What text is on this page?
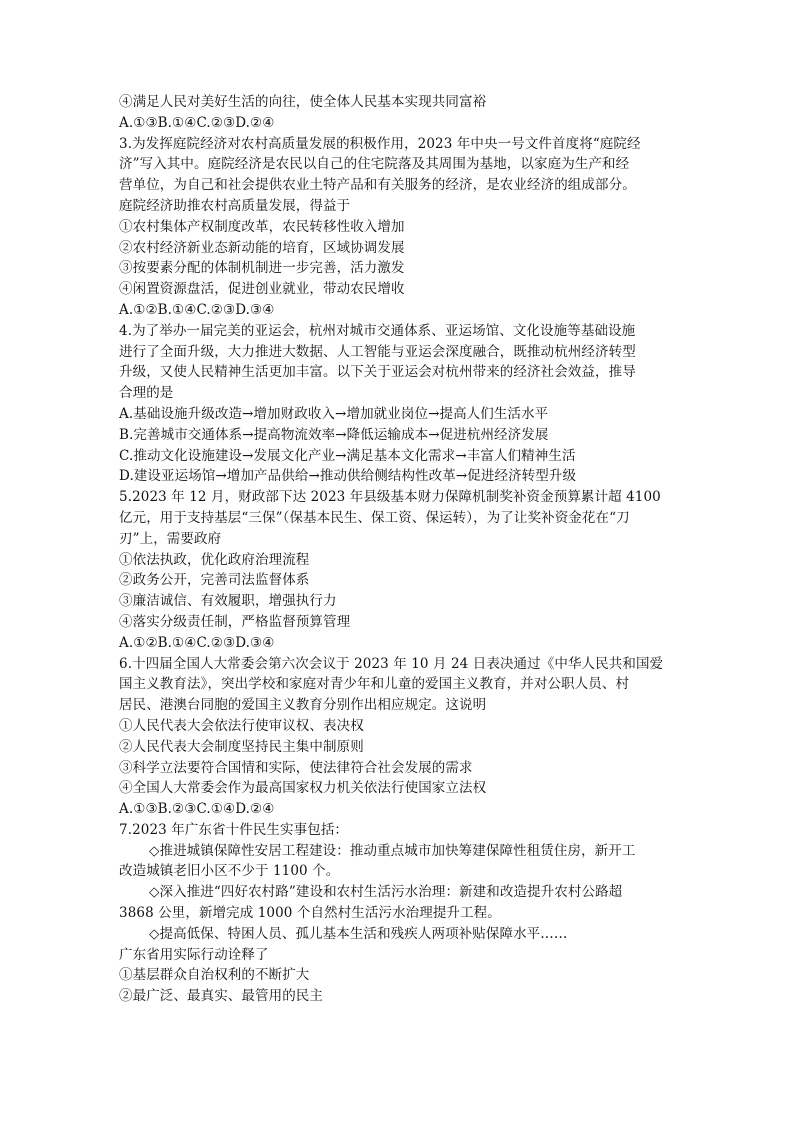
④满足人民对美好生活的向往，使全体人民基本实现共同富裕
A.①③B.①④C.②③D.②④
3.为发挥庭院经济对农村高质量发展的积极作用，2023 年中央一号文件首度将“庭院经
济”写入其中。庭院经济是农民以自己的住宅院落及其周围为基地，以家庭为生产和经
营单位，为自己和社会提供农业土特产品和有关服务的经济，是农业经济的组成部分。
庭院经济助推农村高质量发展，得益于
①农村集体产权制度改革，农民转移性收入增加
②农村经济新业态新动能的培育，区域协调发展
③按要素分配的体制机制进一步完善，活力激发
④闲置资源盘活，促进创业就业，带动农民增收
A.①②B.①④C.②③D.③④
4.为了举办一届完美的亚运会，杭州对城市交通体系、亚运场馆、文化设施等基础设施
进行了全面升级，大力推进大数据、人工智能与亚运会深度融合，既推动杭州经济转型
升级，又使人民精神生活更加丰富。以下关于亚运会对杭州带来的经济社会效益，推导
合理的是
A.基础设施升级改造→增加财政收入→增加就业岗位→提高人们生活水平
B.完善城市交通体系→提高物流效率→降低运输成本→促进杭州经济发展
C.推动文化设施建设→发展文化产业→满足基本文化需求→丰富人们精神生活
D.建设亚运场馆→增加产品供给→推动供给侧结构性改革→促进经济转型升级
5.2023 年 12 月，财政部下达 2023 年县级基本财力保障机制奖补资金预算累计超 4100
亿元，用于支持基层“三保”（保基本民生、保工资、保运转），为了让奖补资金花在“刀
刃”上，需要政府
①依法执政，优化政府治理流程
②政务公开，完善司法监督体系
③廉洁诚信、有效履职，增强执行力
④落实分级责任制，严格监督预算管理
A.①②B.①④C.②③D.③④
6.十四届全国人大常委会第六次会议于 2023 年 10 月 24 日表决通过《中华人民共和国爱
国主义教育法》，突出学校和家庭对青少年和儿童的爱国主义教育，并对公职人员、村
居民、港澳台同胞的爱国主义教育分别作出相应规定。这说明
①人民代表大会依法行使审议权、表决权
②人民代表大会制度坚持民主集中制原则
③科学立法要符合国情和实际，使法律符合社会发展的需求
④全国人大常委会作为最高国家权力机关依法行使国家立法权
A.①③B.②③C.①④D.②④
7.2023 年广东省十件民生实事包括：
◇推进城镇保障性安居工程建设：推动重点城市加快筹建保障性租赁住房，新开工
改造城镇老旧小区不少于 1100 个。
◇深入推进“四好农村路”建设和农村生活污水治理：新建和改造提升农村公路超
3868 公里，新增完成 1000 个自然村生活污水治理提升工程。
◇提高低保、特困人员、孤儿基本生活和残疾人两项补贴保障水平……
广东省用实际行动诠释了
①基层群众自治权利的不断扩大
②最广泛、最真实、最管用的民主
